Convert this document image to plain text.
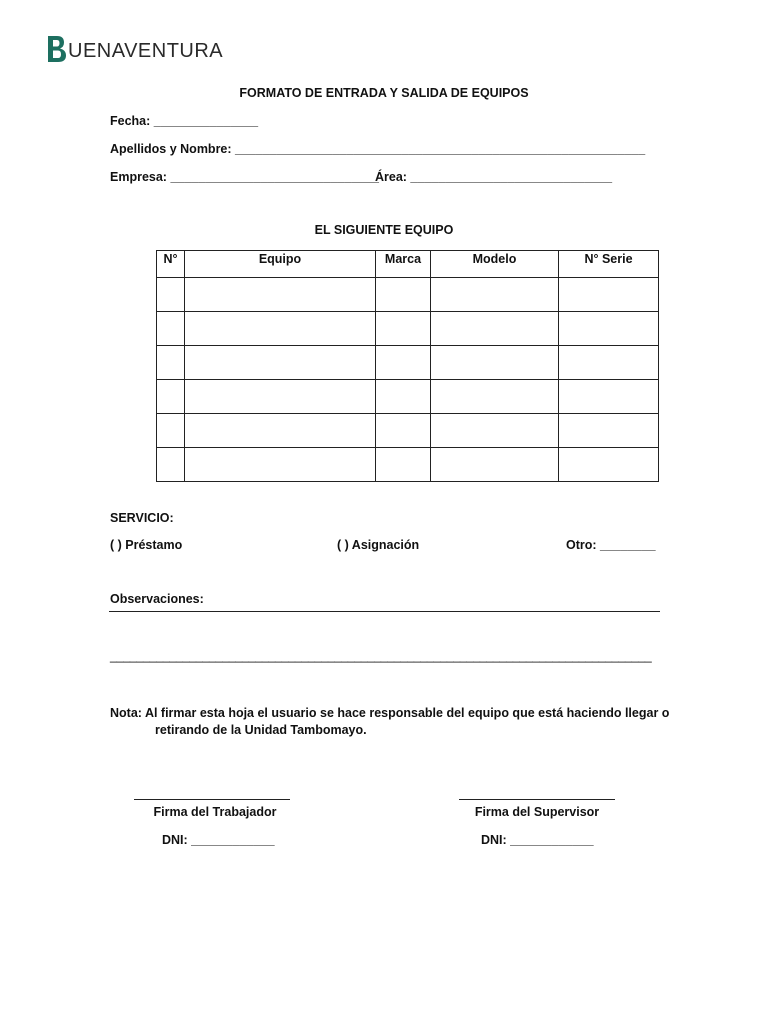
UENAVENTURA
FORMATO DE ENTRADA Y SALIDA DE EQUIPOS
Fecha: _______________
Apellidos y Nombre: ___________________________________________________________
Empresa: ______________________________
Área: _____________________________
EL SIGUIENTE EQUIPO
N°	Equipo	Marca	Modelo	N° Serie

SERVICIO:
( ) Préstamo	( ) Asignación	Otro: ________
Observaciones:
__________________________________________________________________________________
Nota: Al firmar esta hoja el usuario se hace responsable del equipo que está haciendo llegar o
retirando de la Unidad Tambomayo.
Firma del Trabajador
DNI: ____________
Firma del Supervisor
DNI: ____________
